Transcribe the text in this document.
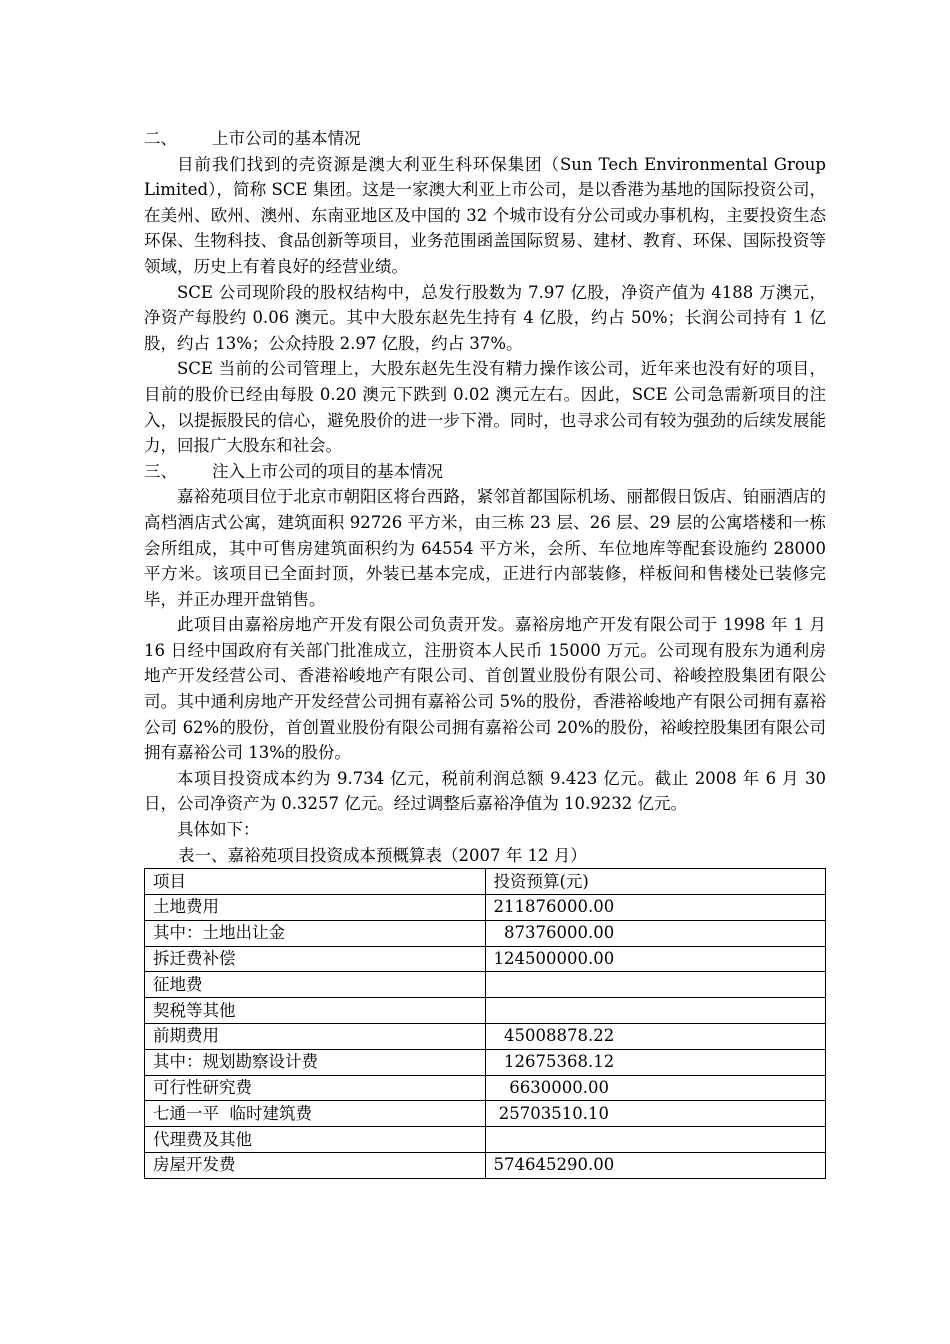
二、 上市公司的基本情况

目前我们找到的壳资源是澳大利亚生科环保集团（Sun Tech Environmental Group Limited），简称 SCE 集团。这是一家澳大利亚上市公司，是以香港为基地的国际投资公司，在美州、欧州、澳州、东南亚地区及中国的 32 个城市设有分公司或办事机构，主要投资生态环保、生物科技、食品创新等项目，业务范围函盖国际贸易、建材、教育、环保、国际投资等领域，历史上有着良好的经营业绩。

SCE 公司现阶段的股权结构中，总发行股数为 7.97 亿股，净资产值为 4188 万澳元，净资产每股约 0.06 澳元。其中大股东赵先生持有 4 亿股，约占 50%；长润公司持有 1 亿股，约占 13%；公众持股 2.97 亿股，约占 37%。

SCE 当前的公司管理上，大股东赵先生没有精力操作该公司，近年来也没有好的项目，目前的股价已经由每股 0.20 澳元下跌到 0.02 澳元左右。因此，SCE 公司急需新项目的注入，以提振股民的信心，避免股价的进一步下滑。同时，也寻求公司有较为强劲的后续发展能力，回报广大股东和社会。

三、 注入上市公司的项目的基本情况

嘉裕苑项目位于北京市朝阳区将台西路，紧邻首都国际机场、丽都假日饭店、铂丽酒店的高档酒店式公寓，建筑面积 92726 平方米，由三栋 23 层、26 层、29 层的公寓塔楼和一栋会所组成，其中可售房建筑面积约为 64554 平方米，会所、车位地库等配套设施约 28000 平方米。该项目已全面封顶，外装已基本完成，正进行内部装修，样板间和售楼处已装修完毕，并正办理开盘销售。

此项目由嘉裕房地产开发有限公司负责开发。嘉裕房地产开发有限公司于 1998 年 1 月 16 日经中国政府有关部门批准成立，注册资本人民币 15000 万元。公司现有股东为通利房地产开发经营公司、香港裕峻地产有限公司、首创置业股份有限公司、裕峻控股集团有限公司。其中通利房地产开发经营公司拥有嘉裕公司 5%的股份，香港裕峻地产有限公司拥有嘉裕公司 62%的股份，首创置业股份有限公司拥有嘉裕公司 20%的股份，裕峻控股集团有限公司拥有嘉裕公司 13%的股份。

本项目投资成本约为 9.734 亿元，税前利润总额 9.423 亿元。截止 2008 年 6 月 30 日，公司净资产为 0.3257 亿元。经过调整后嘉裕净值为 10.9232 亿元。

具体如下：

表一、嘉裕苑项目投资成本预概算表（2007 年 12 月）
项目	投资预算(元)
土地费用	211876000.00
其中：土地出让金	87376000.00
拆迁费补偿	124500000.00
征地费	
契税等其他	
前期费用	45008878.22
其中：规划勘察设计费	12675368.12
可行性研究费	6630000.00
七通一平  临时建筑费	25703510.10
代理费及其他	
房屋开发费	574645290.00
